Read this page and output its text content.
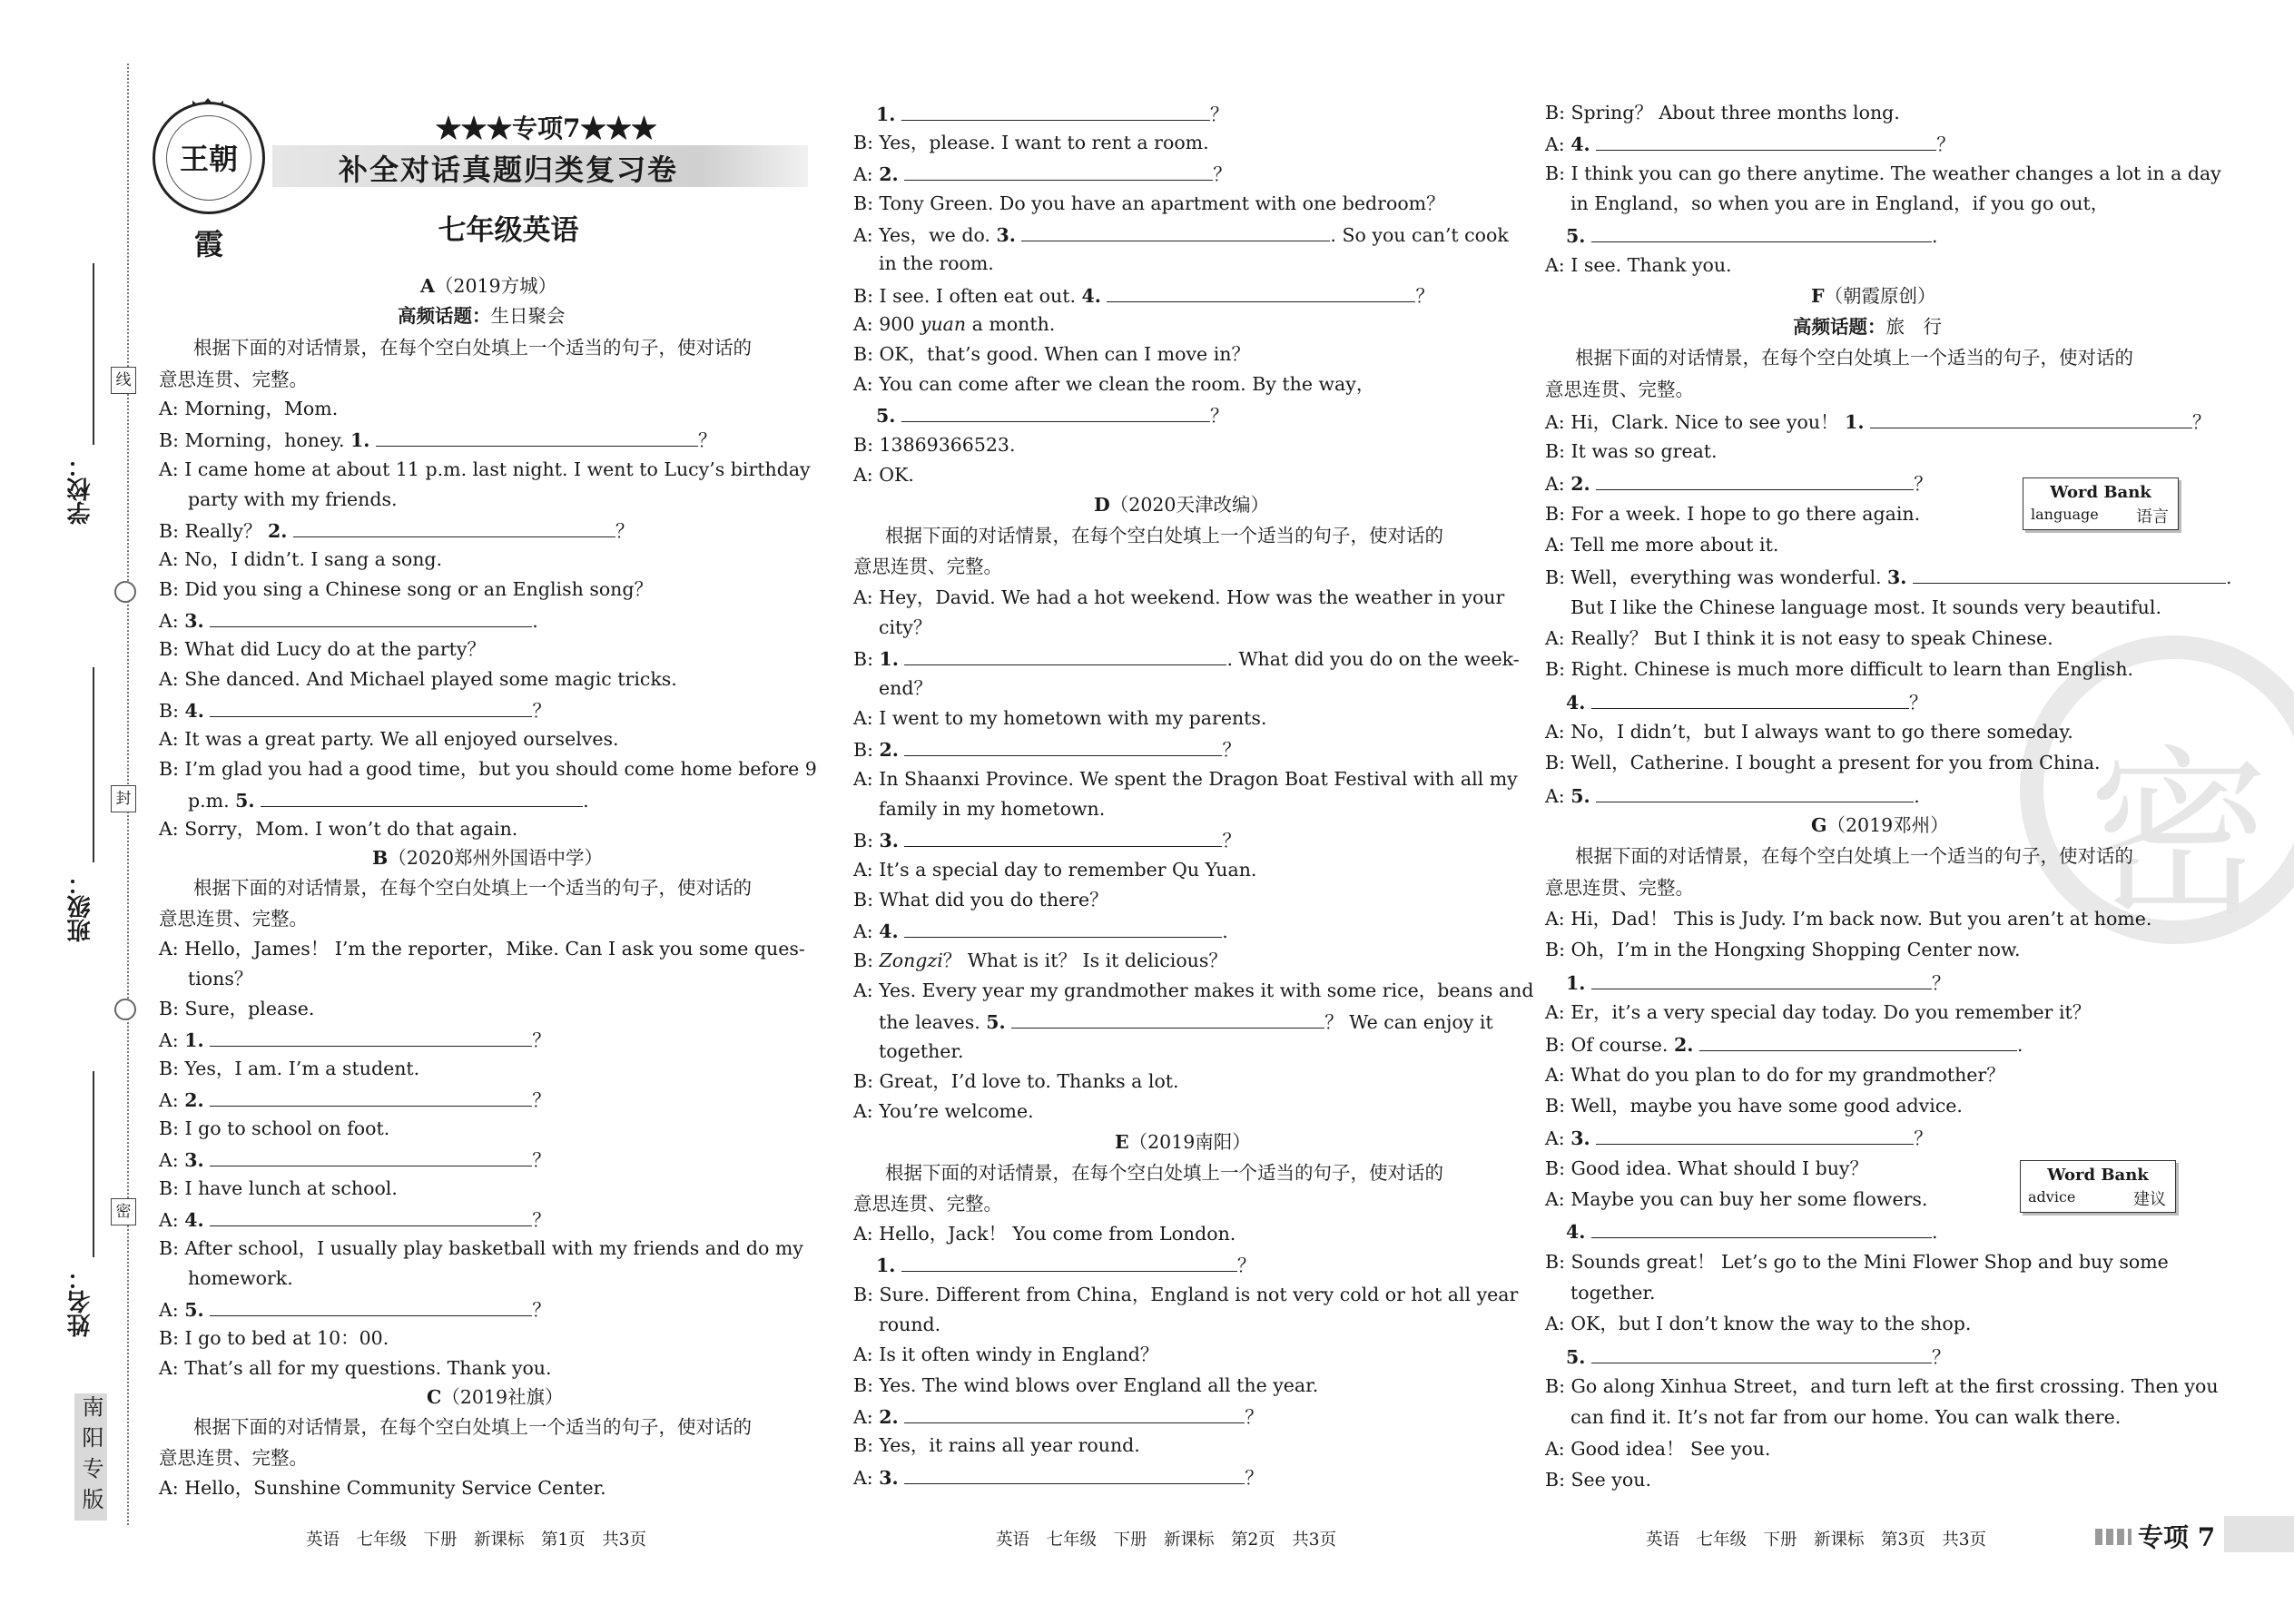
学校：
班级：
姓名：
线
封
密
南阳专版
王朝霞
★★★专项7★★★
补全对话真题归类复习卷
七年级英语
密
A（2019方城）
高频话题：生日聚会
根据下面的对话情景，在每个空白处填上一个适当的句子，使对话的
意思连贯、完整。
A: Morning，Mom.
B: Morning，honey. 1.	？
A: I came home at about 11 p.m. last night. I went to Lucy’s birthday
party with my friends.
B: Really？ 2.	？
A: No，I didn’t. I sang a song.
B: Did you sing a Chinese song or an English song？
A: 3.	.
B: What did Lucy do at the party？
A: She danced. And Michael played some magic tricks.
B: 4.	？
A: It was a great party. We all enjoyed ourselves.
B: I’m glad you had a good time，but you should come home before 9
p.m. 5.	.
A: Sorry，Mom. I won’t do that again.
B（2020郑州外国语中学）
根据下面的对话情景，在每个空白处填上一个适当的句子，使对话的
意思连贯、完整。
A: Hello，James！ I’m the reporter，Mike. Can I ask you some ques-
tions？
B: Sure，please.
A: 1.	？
B: Yes，I am. I’m a student.
A: 2.	？
B: I go to school on foot.
A: 3.	？
B: I have lunch at school.
A: 4.	？
B: After school，I usually play basketball with my friends and do my
homework.
A: 5.	？
B: I go to bed at 10：00.
A: That’s all for my questions. Thank you.
C（2019社旗）
根据下面的对话情景，在每个空白处填上一个适当的句子，使对话的
意思连贯、完整。
A: Hello，Sunshine Community Service Center.
英语　七年级　下册　新课标　第1页　共3页
1.	？
B: Yes，please. I want to rent a room.
A: 2.	？
B: Tony Green. Do you have an apartment with one bedroom？
A: Yes，we do. 3.	. So you can’t cook
in the room.
B: I see. I often eat out. 4.	？
A: 900 yuan a month.
B: OK，that’s good. When can I move in？
A: You can come after we clean the room. By the way，
5.	？
B: 13869366523.
A: OK.
D（2020天津改编）
根据下面的对话情景，在每个空白处填上一个适当的句子，使对话的
意思连贯、完整。
A: Hey，David. We had a hot weekend. How was the weather in your
city？
B: 1.	. What did you do on the week-
end？
A: I went to my hometown with my parents.
B: 2.	？
A: In Shaanxi Province. We spent the Dragon Boat Festival with all my
family in my hometown.
B: 3.	？
A: It’s a special day to remember Qu Yuan.
B: What did you do there？
A: 4.	.
B: Zongzi？ What is it？ Is it delicious？
A: Yes. Every year my grandmother makes it with some rice，beans and
the leaves. 5.	？ We can enjoy it
together.
B: Great，I’d love to. Thanks a lot.
A: You’re welcome.
E（2019南阳）
根据下面的对话情景，在每个空白处填上一个适当的句子，使对话的
意思连贯、完整。
A: Hello，Jack！ You come from London.
1.	？
B: Sure. Different from China，England is not very cold or hot all year
round.
A: Is it often windy in England？
B: Yes. The wind blows over England all the year.
A: 2.	？
B: Yes，it rains all year round.
A: 3.	？
英语　七年级　下册　新课标　第2页　共3页
B: Spring？ About three months long.
A: 4.	？
B: I think you can go there anytime. The weather changes a lot in a day
in England，so when you are in England，if you go out，
5.	.
A: I see. Thank you.
F（朝霞原创）
高频话题：旅　行
根据下面的对话情景，在每个空白处填上一个适当的句子，使对话的
意思连贯、完整。
A: Hi，Clark. Nice to see you！ 1.	？
B: It was so great.
A: 2.	？
B: For a week. I hope to go there again.
A: Tell me more about it.
B: Well，everything was wonderful. 3.	.
But I like the Chinese language most. It sounds very beautiful.
A: Really？ But I think it is not easy to speak Chinese.
B: Right. Chinese is much more difficult to learn than English.
4.	？
A: No，I didn’t，but I always want to go there someday.
B: Well，Catherine. I bought a present for you from China.
A: 5.	.
Word Bank
language 语言
G（2019邓州）
根据下面的对话情景，在每个空白处填上一个适当的句子，使对话的
意思连贯、完整。
A: Hi，Dad！ This is Judy. I’m back now. But you aren’t at home.
B: Oh，I’m in the Hongxing Shopping Center now.
1.	？
A: Er，it’s a very special day today. Do you remember it？
B: Of course. 2.	.
A: What do you plan to do for my grandmother？
B: Well，maybe you have some good advice.
A: 3.	？
B: Good idea. What should I buy？
A: Maybe you can buy her some flowers.
4.	.
B: Sounds great！ Let’s go to the Mini Flower Shop and buy some
together.
A: OK，but I don’t know the way to the shop.
5.	？
B: Go along Xinhua Street，and turn left at the first crossing. Then you
can find it. It’s not far from our home. You can walk there.
A: Good idea！ See you.
B: See you.
Word Bank
advice	建议
英语　七年级　下册　新课标　第3页　共3页	专项 7
